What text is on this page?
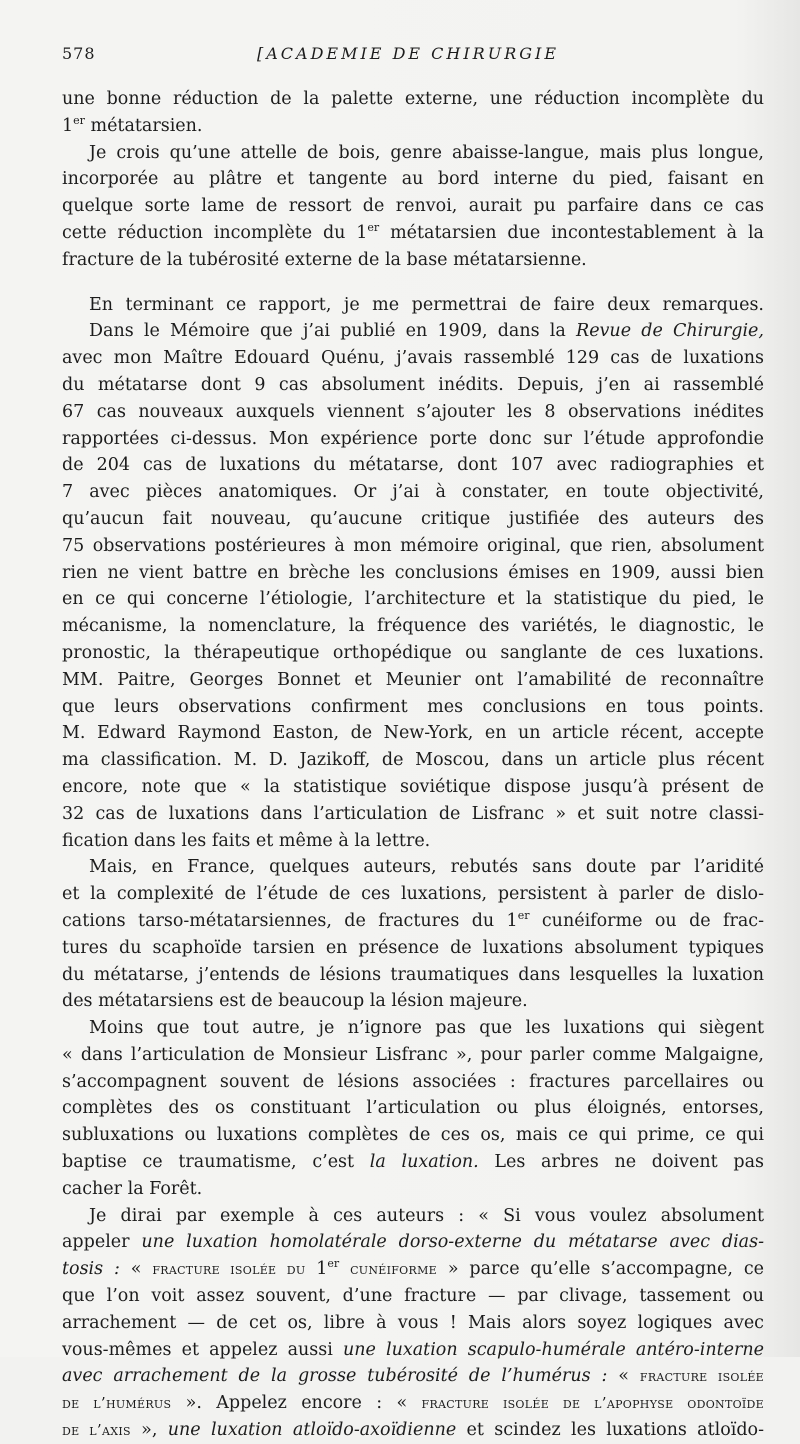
578	[ACADEMIE DE CHIRURGIE
une bonne réduction de la palette externe, une réduction incomplète du
1er métatarsien.
Je crois qu’une attelle de bois, genre abaisse-langue, mais plus longue,
incorporée au plâtre et tangente au bord interne du pied, faisant en
quelque sorte lame de ressort de renvoi, aurait pu parfaire dans ce cas
cette réduction incomplète du 1er métatarsien due incontestablement à la
fracture de la tubérosité externe de la base métatarsienne.
En terminant ce rapport, je me permettrai de faire deux remarques.
Dans le Mémoire que j’ai publié en 1909, dans la Revue de Chirurgie,
avec mon Maître Edouard Quénu, j’avais rassemblé 129 cas de luxations
du métatarse dont 9 cas absolument inédits. Depuis, j’en ai rassemblé
67 cas nouveaux auxquels viennent s’ajouter les 8 observations inédites
rapportées ci-dessus. Mon expérience porte donc sur l’étude approfondie
de 204 cas de luxations du métatarse, dont 107 avec radiographies et
7 avec pièces anatomiques. Or j’ai à constater, en toute objectivité,
qu’aucun fait nouveau, qu’aucune critique justifiée des auteurs des
75 observations postérieures à mon mémoire original, que rien, absolument
rien ne vient battre en brèche les conclusions émises en 1909, aussi bien
en ce qui concerne l’étiologie, l’architecture et la statistique du pied, le
mécanisme, la nomenclature, la fréquence des variétés, le diagnostic, le
pronostic, la thérapeutique orthopédique ou sanglante de ces luxations.
MM. Paitre, Georges Bonnet et Meunier ont l’amabilité de reconnaître
que leurs observations confirment mes conclusions en tous points.
M. Edward Raymond Easton, de New-York, en un article récent, accepte
ma classification. M. D. Jazikoff, de Moscou, dans un article plus récent
encore, note que « la statistique soviétique dispose jusqu’à présent de
32 cas de luxations dans l’articulation de Lisfranc » et suit notre classi-
fication dans les faits et même à la lettre.
Mais, en France, quelques auteurs, rebutés sans doute par l’aridité
et la complexité de l’étude de ces luxations, persistent à parler de dislo-
cations tarso-métatarsiennes, de fractures du 1er cunéiforme ou de frac-
tures du scaphoïde tarsien en présence de luxations absolument typiques
du métatarse, j’entends de lésions traumatiques dans lesquelles la luxation
des métatarsiens est de beaucoup la lésion majeure.
Moins que tout autre, je n’ignore pas que les luxations qui siègent
« dans l’articulation de Monsieur Lisfranc », pour parler comme Malgaigne,
s’accompagnent souvent de lésions associées : fractures parcellaires ou
complètes des os constituant l’articulation ou plus éloignés, entorses,
subluxations ou luxations complètes de ces os, mais ce qui prime, ce qui
baptise ce traumatisme, c’est la luxation. Les arbres ne doivent pas
cacher la Forêt.
Je dirai par exemple à ces auteurs : « Si vous voulez absolument
appeler une luxation homolatérale dorso-externe du métatarse avec dias-
tosis : « fracture isolée du 1er cunéiforme » parce qu’elle s’accompagne, ce
que l’on voit assez souvent, d’une fracture — par clivage, tassement ou
arrachement — de cet os, libre à vous ! Mais alors soyez logiques avec
vous-mêmes et appelez aussi une luxation scapulo-humérale antéro-interne
avec arrachement de la grosse tubérosité de l’humérus : « fracture isolée
de l’humérus ». Appelez encore : « fracture isolée de l’apophyse odontoïde
de l’axis », une luxation atloïdo-axoïdienne et scindez les luxations atloïdo-
